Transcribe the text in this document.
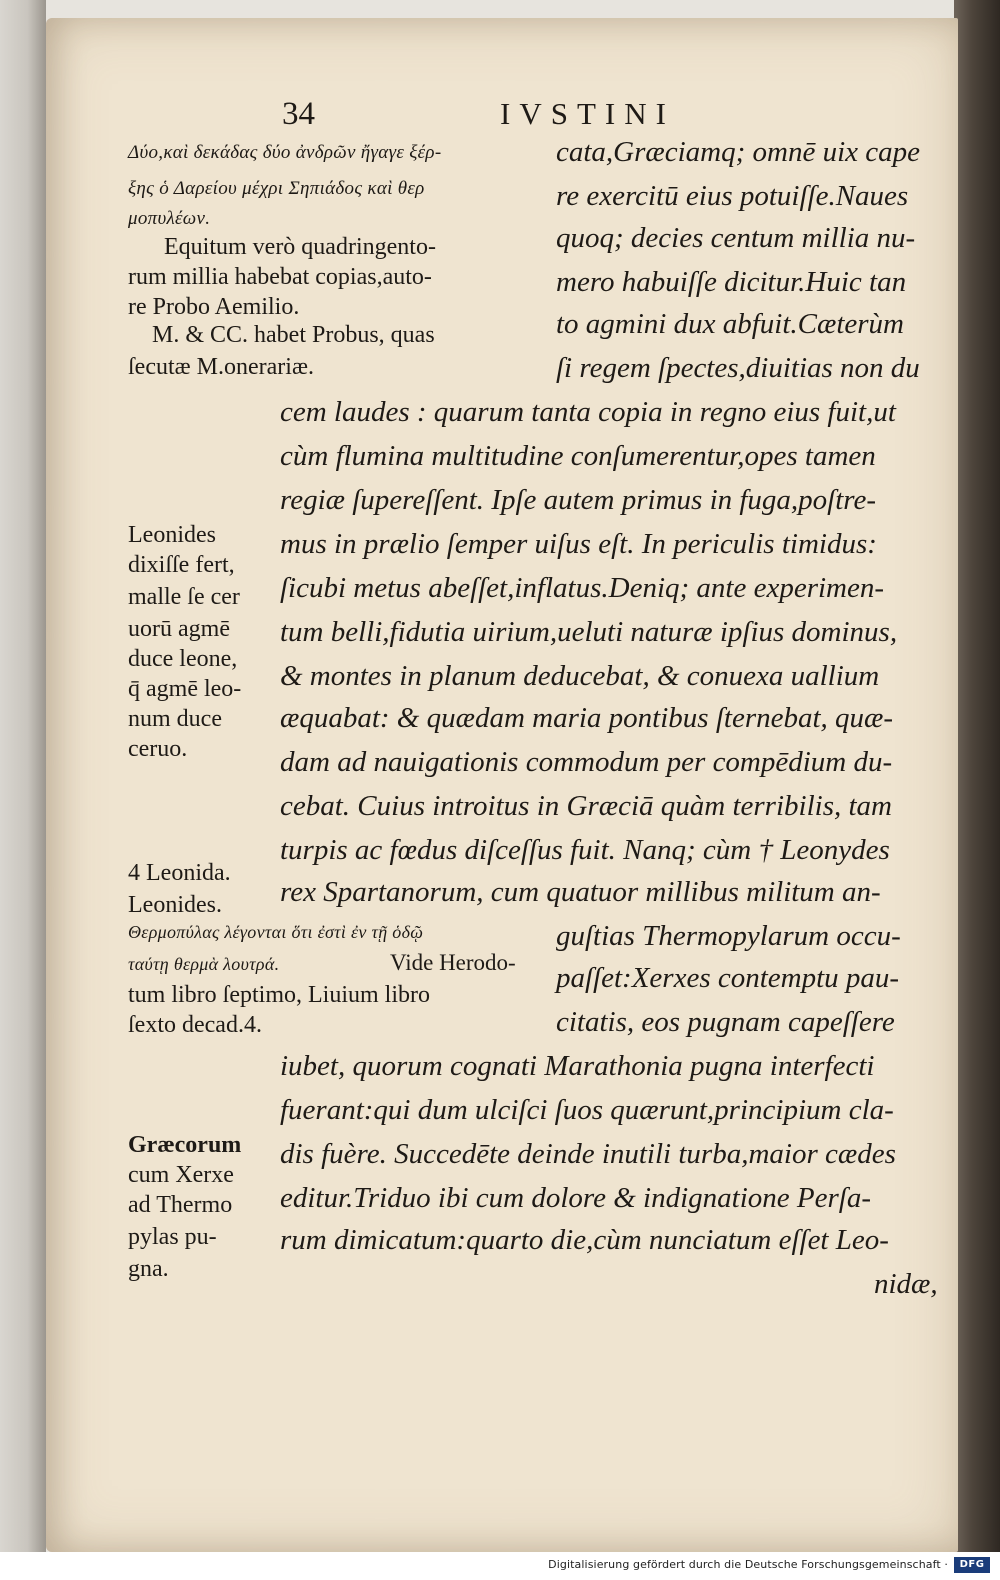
34	IVSTINI
Δύο,καὶ δεκάδας δύο ἀνδρῶν ἤγαγε ξέρ-
ξης ὁ Δαρείου μέχρι Σηπιάδος καὶ θερ
μοπυλέων.
Equitum verò quadringento-
rum millia habebat copias,auto-
re Probo Aemilio.
M. & CC. habet Probus, quas
ſecutæ M.onerariæ.
Leonides
dixiſſe fert,
malle ſe cer
uorū agmē
duce leone,
q̄ agmē leo-
num duce
ceruo.
4 Leonida.
Leonides.
Θερμοπύλας λέγονται ὅτι ἐστὶ ἐν τῇ ὁδῷ
ταύτῃ θερμὰ λουτρά.	Vide Herodo-
tum libro ſeptimo, Liuium libro
ſexto decad.4.
Græcorum
cum Xerxe
ad Thermo
pylas pu-
gna.
cata,Græciamq; omnē uix cape
re exercitū eius potuiſſe.Naues
quoq; decies centum millia nu-
mero habuiſſe dicitur.Huic tan
to agmini dux abfuit.Cæterùm
ſi regem ſpectes,diuitias non du
cem laudes : quarum tanta copia in regno eius fuit,ut
cùm flumina multitudine conſumerentur,opes tamen
regiæ ſupereſſent. Ipſe autem primus in fuga,poſtre-
mus in prælio ſemper uiſus eſt. In periculis timidus:
ſicubi metus abeſſet,inflatus.Deniq; ante experimen-
tum belli,fidutia uirium,ueluti naturæ ipſius dominus,
& montes in planum deducebat, & conuexa uallium
æquabat: & quædam maria pontibus ſternebat, quæ-
dam ad nauigationis commodum per compēdium du-
cebat. Cuius introitus in Græciā quàm terribilis, tam
turpis ac fœdus diſceſſus fuit. Nanq; cùm † Leonydes
rex Spartanorum, cum quatuor millibus militum an-
guſtias Thermopylarum occu-
paſſet:Xerxes contemptu pau-
citatis, eos pugnam capeſſere
iubet, quorum cognati Marathonia pugna interfecti
fuerant:qui dum ulciſci ſuos quærunt,principium cla-
dis fuère. Succedēte deinde inutili turba,maior cædes
editur.Triduo ibi cum dolore & indignatione Perſa-
rum dimicatum:quarto die,cùm nunciatum eſſet Leo-
nidæ,
Digitalisierung gefördert durch die Deutsche Forschungsgemeinschaft ·	DFG
